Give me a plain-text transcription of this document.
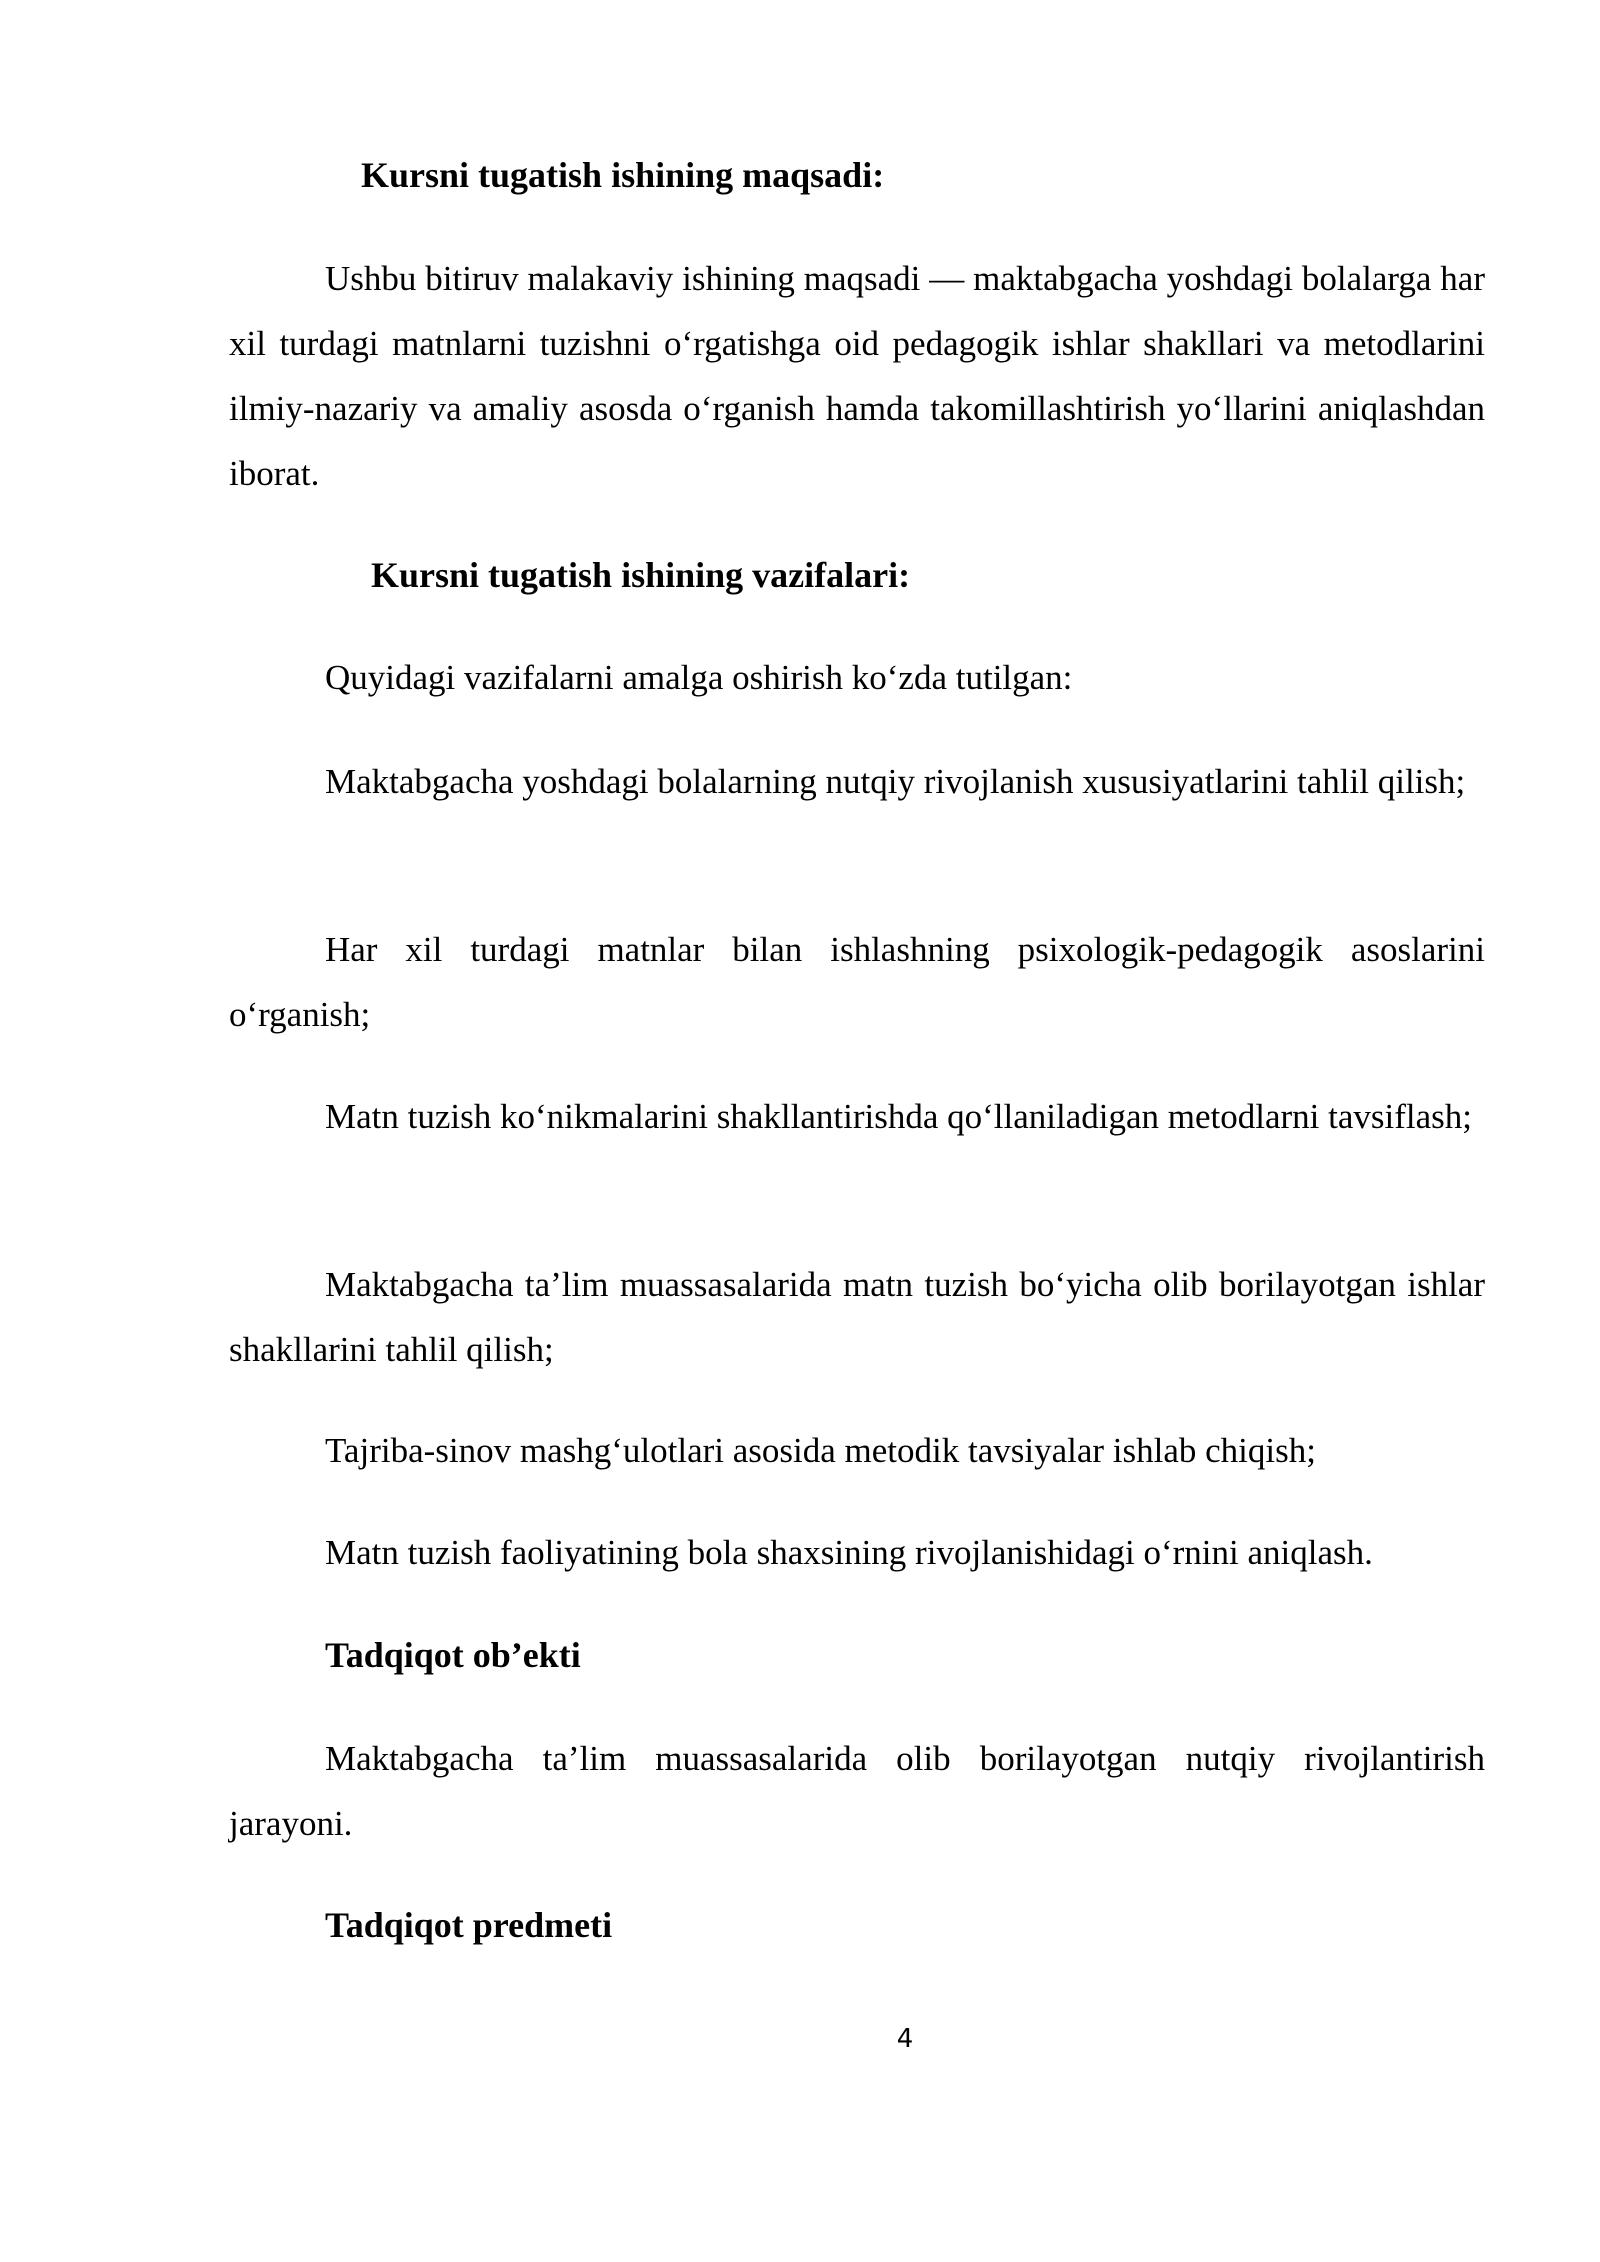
Kursni tugatish ishining maqsadi:

Ushbu bitiruv malakaviy ishining maqsadi — maktabgacha yoshdagi bolalarga har xil turdagi matnlarni tuzishni o‘rgatishga oid pedagogik ishlar shakllari va metodlarini ilmiy-nazariy va amaliy asosda o‘rganish hamda takomillashtirish yo‘llarini aniqlashdan iborat.

Kursni tugatish ishining vazifalari:

Quyidagi vazifalarni amalga oshirish ko‘zda tutilgan:

Maktabgacha yoshdagi bolalarning nutqiy rivojlanish xususiyatlarini tahlil qilish;

Har xil turdagi matnlar bilan ishlashning psixologik-pedagogik asoslarini o‘rganish;

Matn tuzish ko‘nikmalarini shakllantirishda qo‘llaniladigan metodlarni tavsiflash;

Maktabgacha ta’lim muassasalarida matn tuzish bo‘yicha olib borilayotgan ishlar shakllarini tahlil qilish;

Tajriba-sinov mashg‘ulotlari asosida metodik tavsiyalar ishlab chiqish;

Matn tuzish faoliyatining bola shaxsining rivojlanishidagi o‘rnini aniqlash.

Tadqiqot ob’ekti

Maktabgacha ta’lim muassasalarida olib borilayotgan nutqiy rivojlantirish jarayoni.

Tadqiqot predmeti

4
